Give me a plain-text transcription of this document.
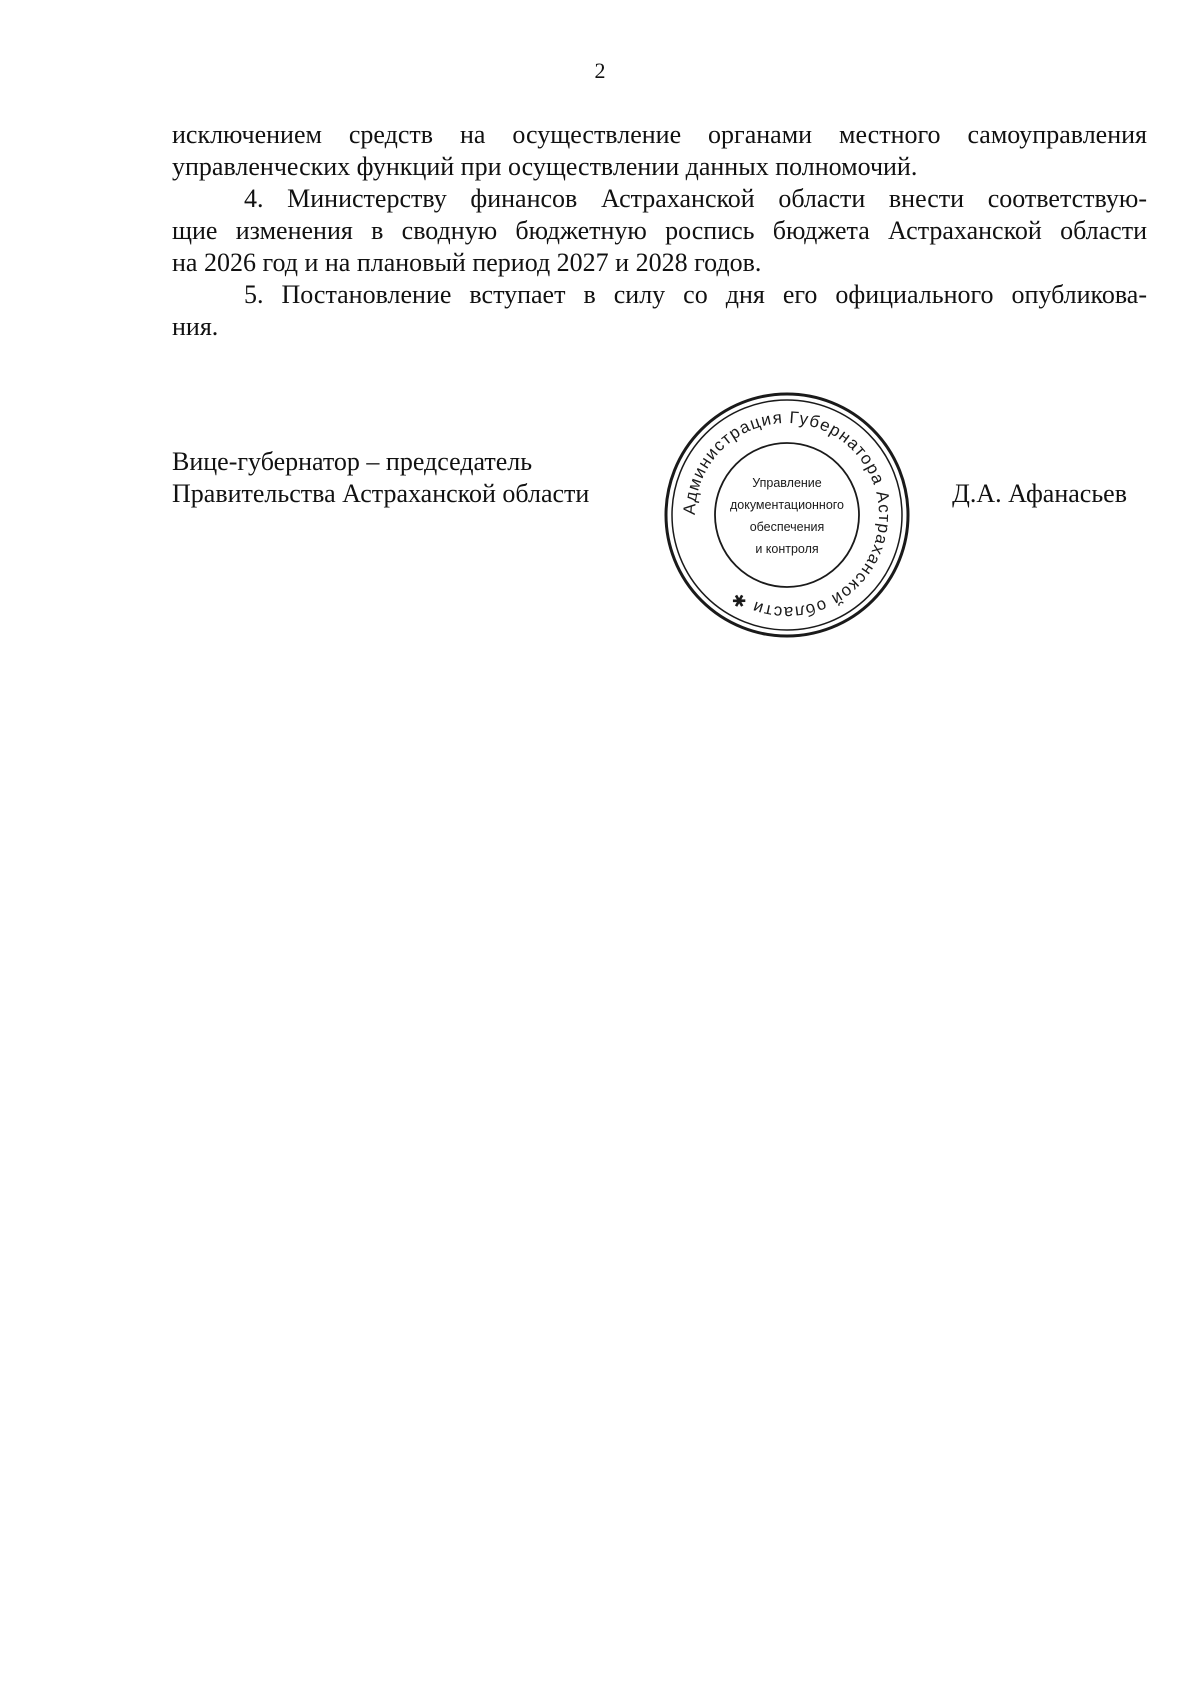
2

исключением средств на осуществление органами местного самоуправления
управленческих функций при осуществлении данных полномочий.

4. Министерству финансов Астраханской области внести соответствую-
щие изменения в сводную бюджетную роспись бюджета Астраханской области
на 2026 год и на плановый период 2027 и 2028 годов.

5. Постановление вступает в силу со дня его официального опубликова-
ния.

Вице-губернатор – председатель
Правительства Астраханской области
Администрация Губернатора Астраханской области ✱
Управление
документационного
обеспечения
и контроля
Д.А. Афанасьев
